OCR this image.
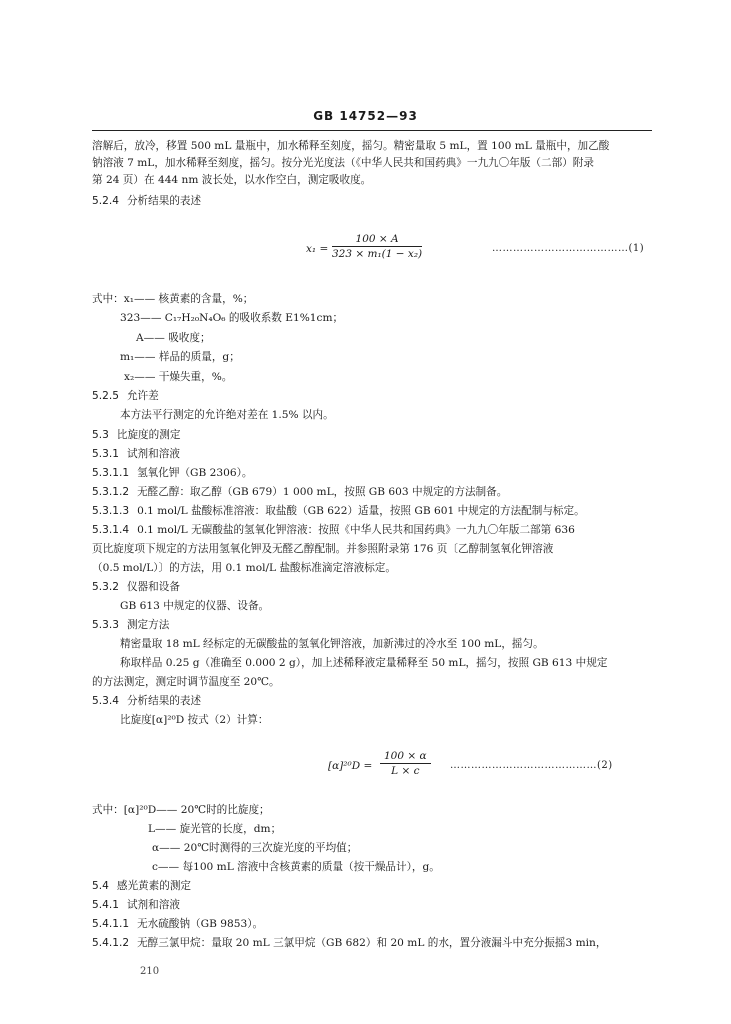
GB 14752—93
溶解后，放冷，移置 500 mL 量瓶中，加水稀释至刻度，摇匀。精密量取 5 mL，置 100 mL 量瓶中，加乙酸
钠溶液 7 mL，加水稀释至刻度，摇匀。按分光光度法（《中华人民共和国药典》一九九〇年版（二部）附录
第 24 页）在 444 nm 波长处，以水作空白，测定吸收度。
5.2.4 分析结果的表述
$x_1 = \frac{100 \times A}{\text{323 × m₁(1 − x₂)}}$	…………………………………(1)
式中：x₁—— 核黄素的含量，%；
323—— C₁₇H₂₀N₄O₆ 的吸收系数 E1%1cm；
A—— 吸收度；
m₁—— 样品的质量，g；
x₂—— 干燥失重，%。
5.2.5 允许差
本方法平行测定的允许绝对差在 1.5% 以内。
5.3 比旋度的测定
5.3.1 试剂和溶液
5.3.1.1 氢氧化钾（GB 2306）。
5.3.1.2 无醛乙醇：取乙醇（GB 679）1 000 mL，按照 GB 603 中规定的方法制备。
5.3.1.3 0.1 mol/L 盐酸标准溶液：取盐酸（GB 622）适量，按照 GB 601 中规定的方法配制与标定。
5.3.1.4 0.1 mol/L 无碳酸盐的氢氧化钾溶液：按照《中华人民共和国药典》一九九〇年版二部第 636
页比旋度项下规定的方法用氢氧化钾及无醛乙醇配制。并参照附录第 176 页〔乙醇制氢氧化钾溶液
（0.5 mol/L）〕的方法，用 0.1 mol/L 盐酸标准滴定溶液标定。
5.3.2 仪器和设备
GB 613 中规定的仪器、设备。
5.3.3 测定方法
精密量取 18 mL 经标定的无碳酸盐的氢氧化钾溶液，加新沸过的冷水至 100 mL，摇匀。
称取样品 0.25 g（准确至 0.000 2 g），加上述稀释液定量稀释至 50 mL，摇匀，按照 GB 613 中规定
的方法测定，测定时调节温度至 20℃。
5.3.4 分析结果的表述
比旋度[α]²⁰D 按式（2）计算：
$[\alpha]^{20}D = \frac{100 \times \alpha}{L \times c}$ ……………………………………(2)
式中：[α]²⁰D—— 20℃时的比旋度；
L—— 旋光管的长度，dm；
α—— 20℃时测得的三次旋光度的平均值；
c—— 每100 mL 溶液中含核黄素的质量（按干燥品计），g。
5.4 感光黄素的测定
5.4.1 试剂和溶液
5.4.1.1 无水硫酸钠（GB 9853）。
5.4.1.2 无醇三氯甲烷：量取 20 mL 三氯甲烷（GB 682）和 20 mL 的水，置分液漏斗中充分振摇3 min，
210
